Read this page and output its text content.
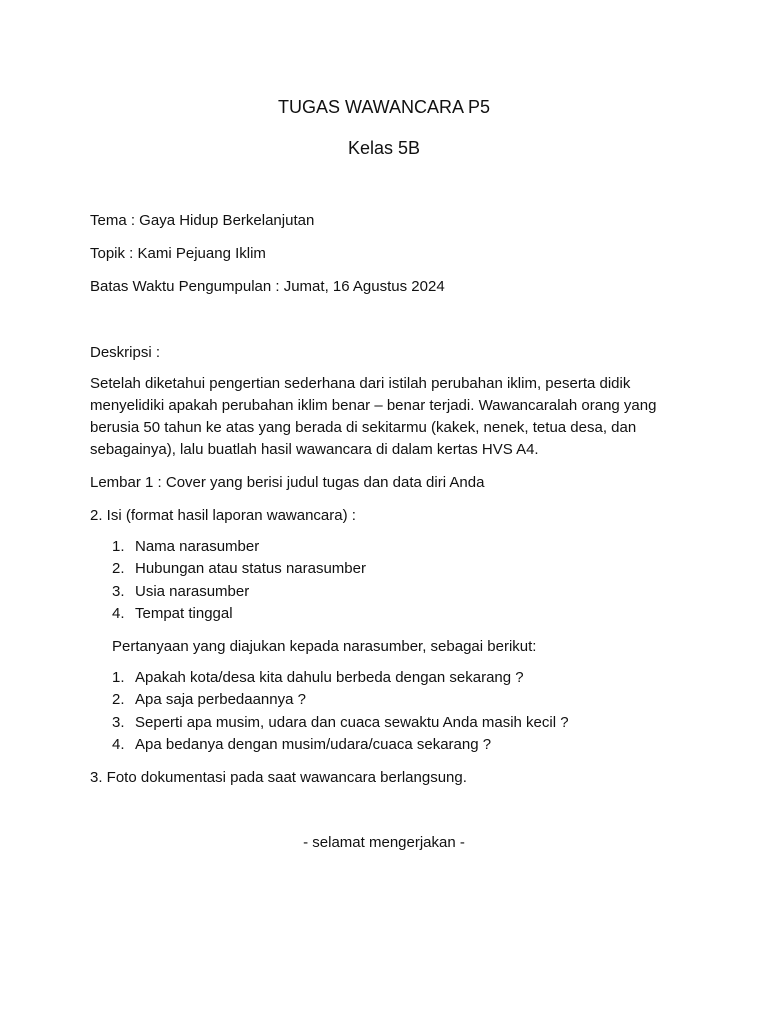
TUGAS WAWANCARA P5
Kelas 5B
Tema : Gaya Hidup Berkelanjutan
Topik : Kami Pejuang Iklim
Batas Waktu Pengumpulan : Jumat, 16 Agustus 2024
Deskripsi :
Setelah diketahui pengertian sederhana dari istilah perubahan iklim, peserta didik menyelidiki apakah perubahan iklim benar – benar terjadi. Wawancaralah orang yang berusia 50 tahun ke atas yang berada di sekitarmu (kakek, nenek, tetua desa, dan sebagainya), lalu buatlah hasil wawancara di dalam kertas HVS A4.
Lembar 1 : Cover yang berisi judul tugas dan data diri Anda
2. Isi (format hasil laporan wawancara) :
1. Nama narasumber
2. Hubungan atau status narasumber
3. Usia narasumber
4. Tempat tinggal
Pertanyaan yang diajukan kepada narasumber, sebagai berikut:
1. Apakah kota/desa kita dahulu berbeda dengan sekarang ?
2. Apa saja perbedaannya ?
3. Seperti apa musim, udara dan cuaca sewaktu Anda masih kecil ?
4. Apa bedanya dengan musim/udara/cuaca sekarang ?
3. Foto dokumentasi pada saat wawancara berlangsung.
- selamat mengerjakan -
